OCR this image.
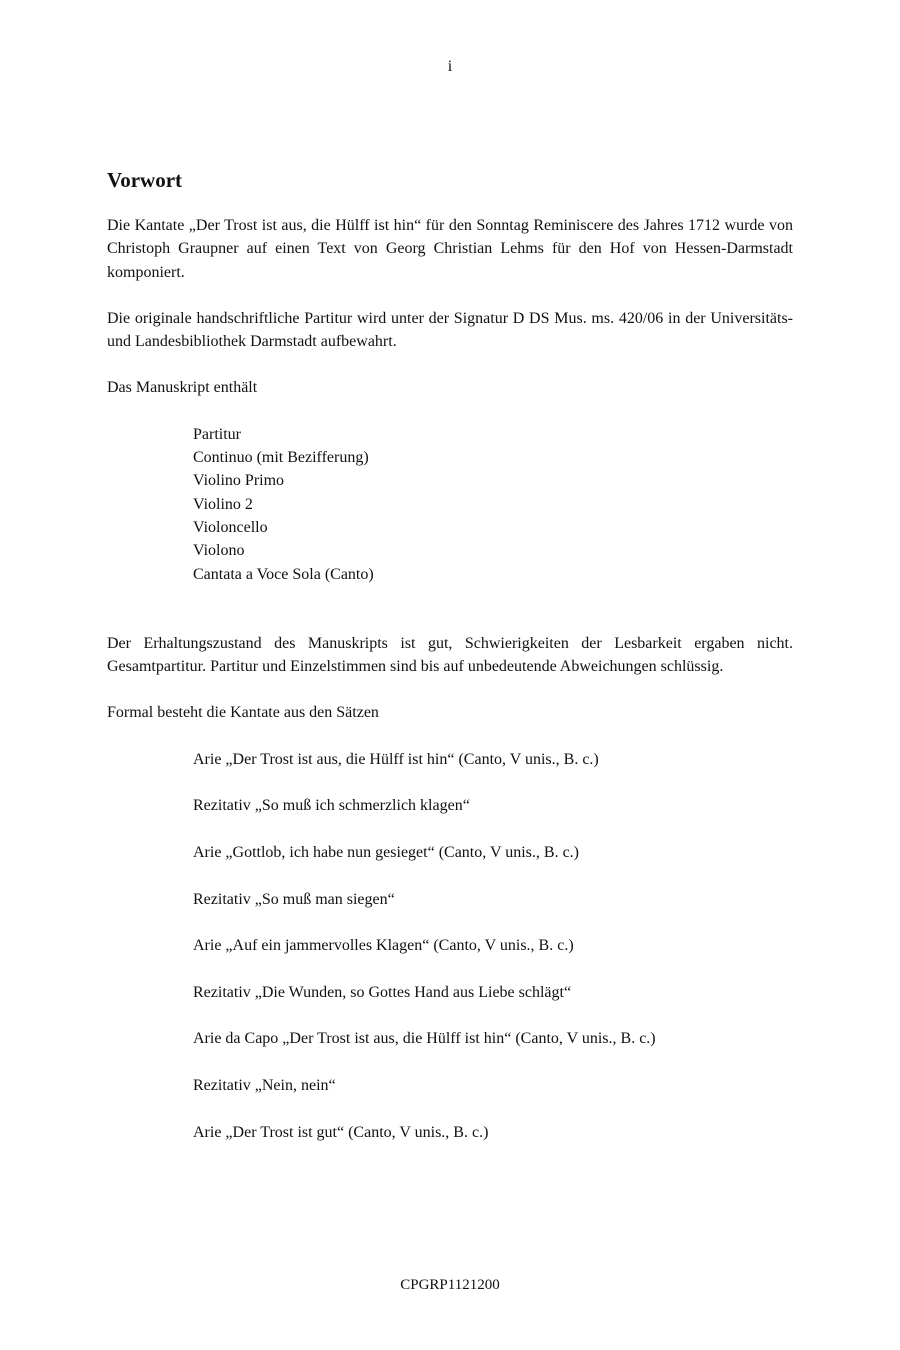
i
Vorwort

Die Kantate „Der Trost ist aus, die Hülff ist hin“ für den Sonntag Reminiscere des Jahres 1712 wurde von Christoph Graupner auf einen Text von Georg Christian Lehms für den Hof von Hessen-Darmstadt komponiert.

Die originale handschriftliche Partitur wird unter der Signatur D DS Mus. ms. 420/06 in der Universitäts- und Landesbibliothek Darmstadt aufbewahrt.

Das Manuskript enthält

Partitur
Continuo (mit Bezifferung)
Violino Primo
Violino 2
Violoncello
Violono
Cantata a Voce Sola (Canto)

Der Erhaltungszustand des Manuskripts ist gut, Schwierigkeiten der Lesbarkeit ergaben nicht. Gesamtpartitur. Partitur und Einzelstimmen sind bis auf unbedeutende Abweichungen schlüssig.

Formal besteht die Kantate aus den Sätzen

Arie „Der Trost ist aus, die Hülff ist hin“ (Canto, V unis., B. c.)
Rezitativ „So muß ich schmerzlich klagen“
Arie „Gottlob, ich habe nun gesieget“ (Canto, V unis., B. c.)
Rezitativ „So muß man siegen“
Arie „Auf ein jammervolles Klagen“ (Canto, V unis., B. c.)
Rezitativ „Die Wunden, so Gottes Hand aus Liebe schlägt“
Arie da Capo „Der Trost ist aus, die Hülff ist hin“ (Canto, V unis., B. c.)
Rezitativ „Nein, nein“
Arie „Der Trost ist gut“ (Canto, V unis., B. c.)
CPGRP1121200
